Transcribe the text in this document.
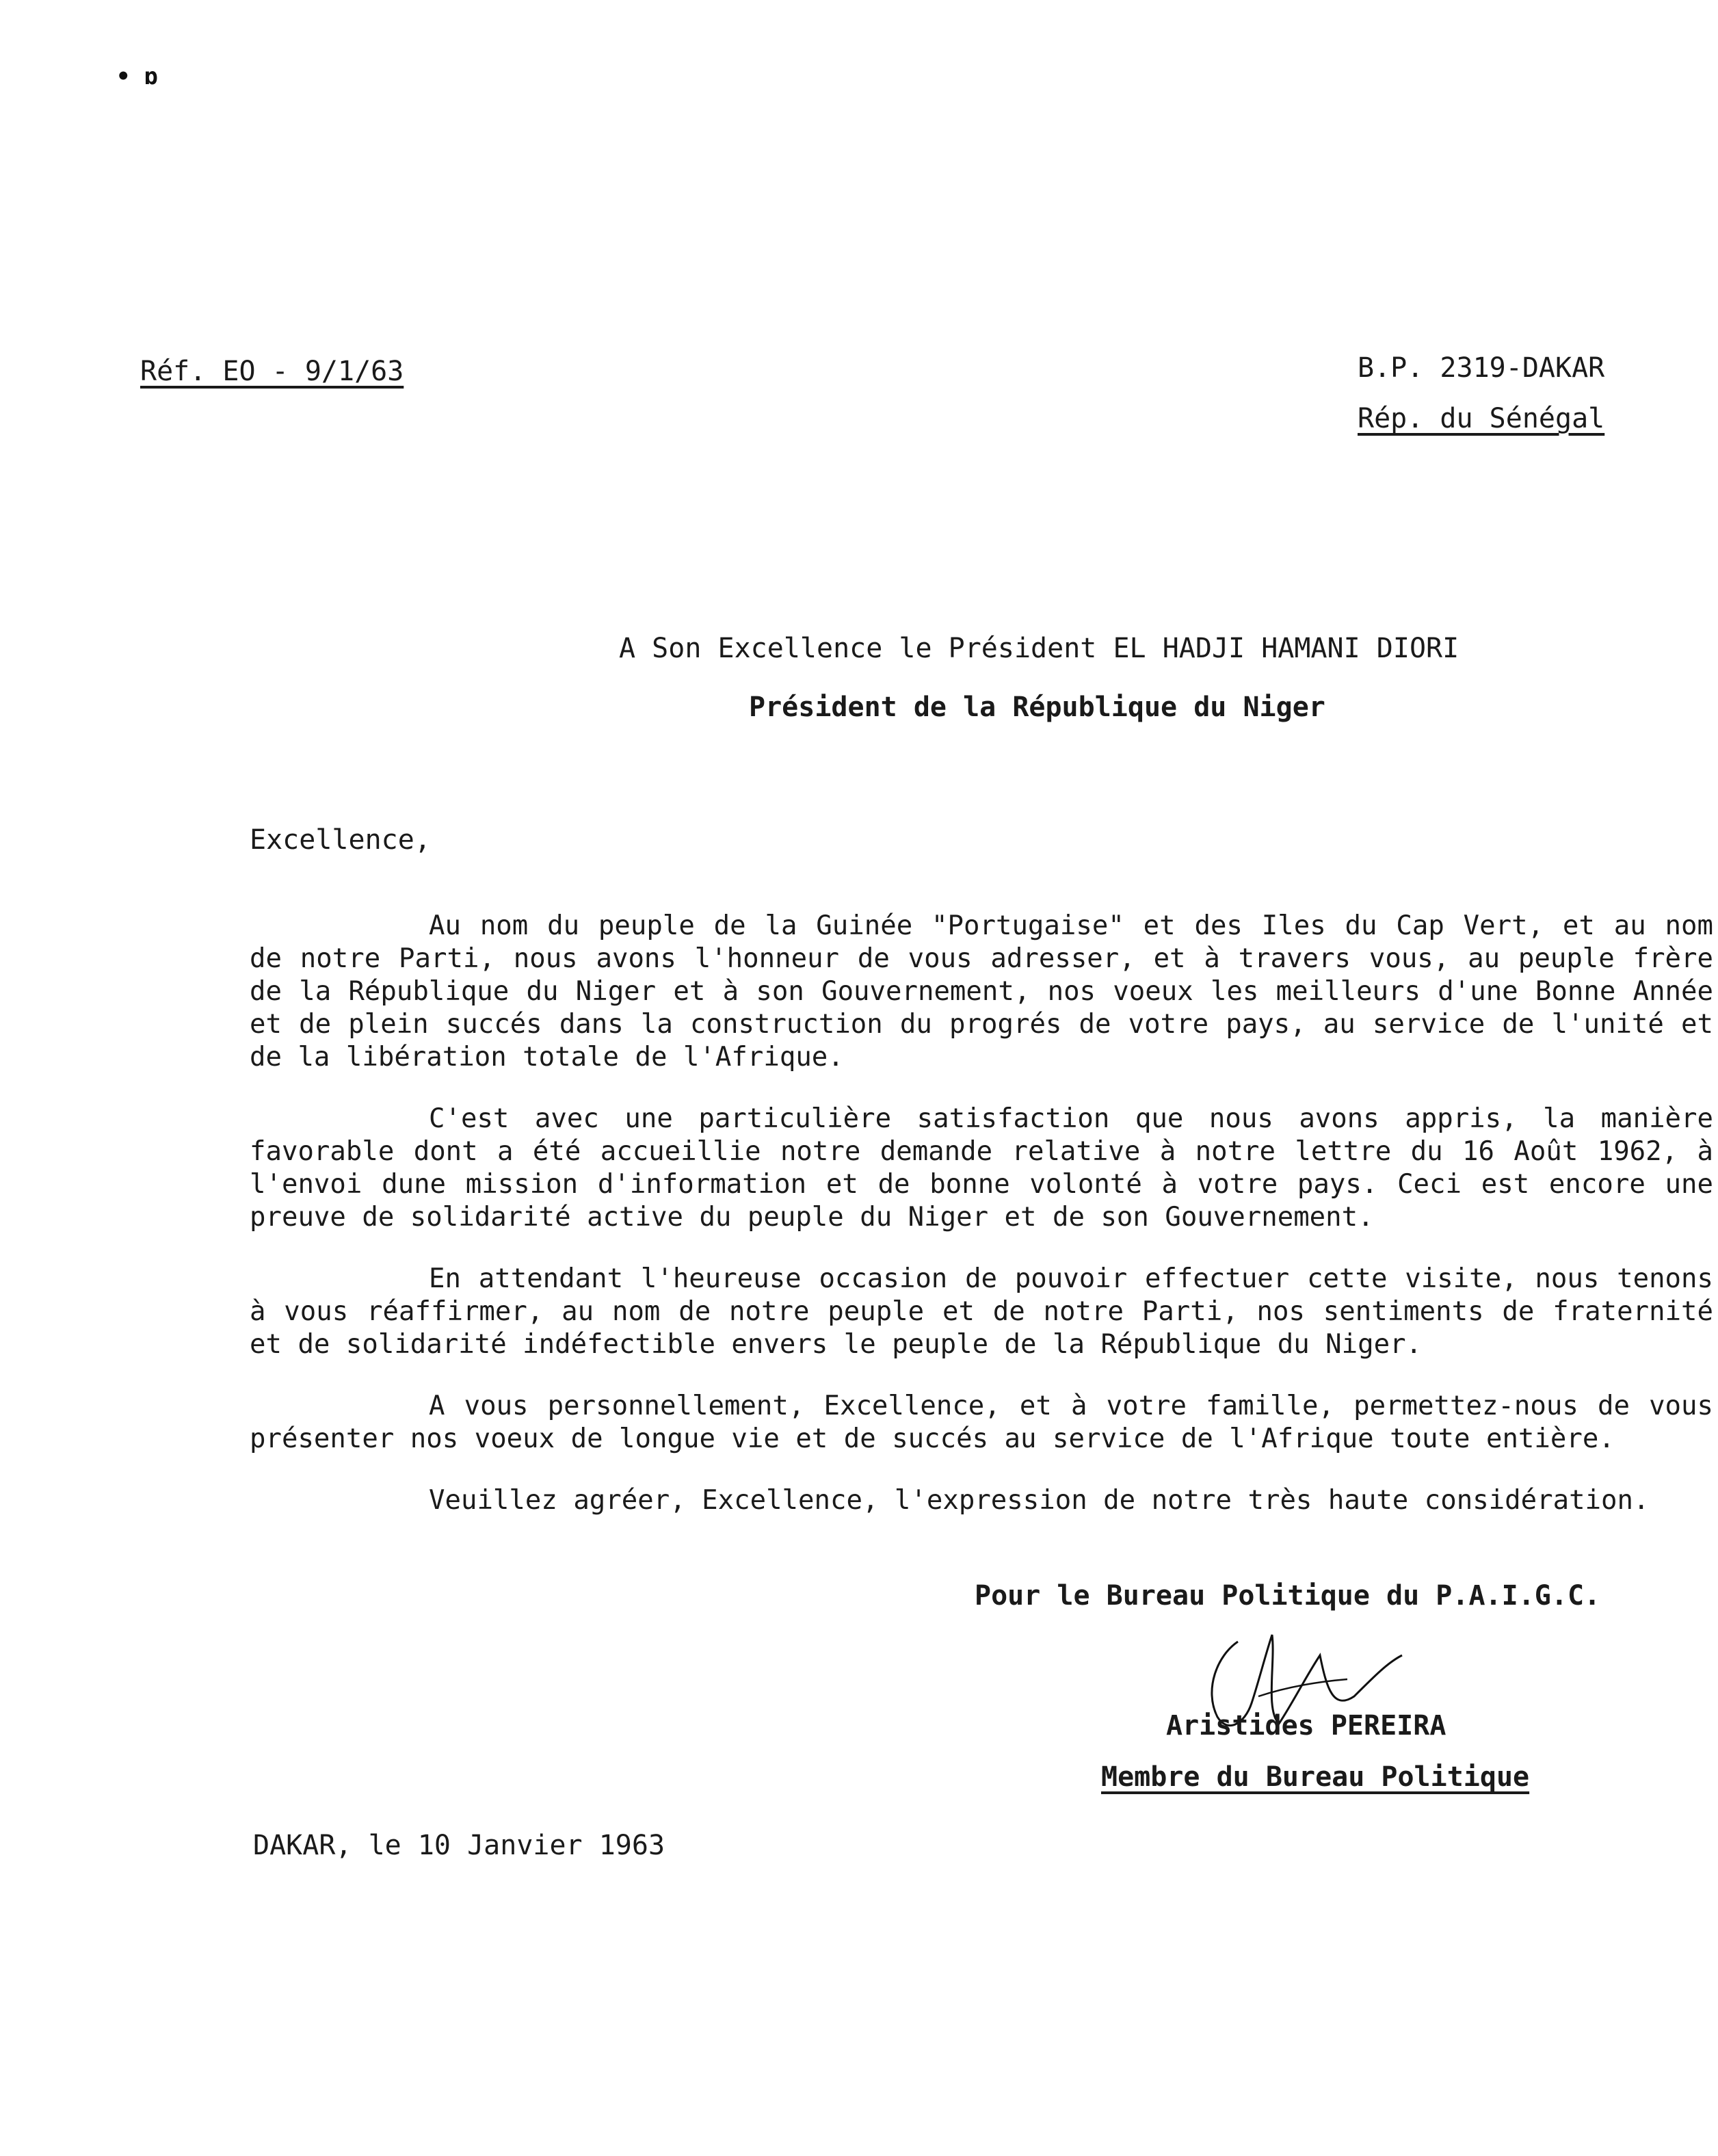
• ɒ
Réf. EO - 9/1/63	B.P. 2319-DAKAR
Rép. du Sénégal
A Son Excellence le Président EL HADJI HAMANI DIORI
Président de la République du Niger
Excellence,

Au nom du peuple de la Guinée "Portugaise" et des Iles du Cap Vert, et au nom de notre Parti, nous avons l'honneur de vous adresser, et à travers vous, au peuple frère de la République du Niger et à son Gouvernement, nos voeux les meilleurs d'une Bonne Année et de plein succés dans la construction du progrés de votre pays, au service de l'unité et de la libération totale de l'Afrique.

C'est avec une particulière satisfaction que nous avons appris, la manière favorable dont a été accueillie notre demande relative à notre lettre du 16 Août 1962, à l'envoi dune mission d'information et de bonne volonté à votre pays. Ceci est encore une preuve de solidarité active du peuple du Niger et de son Gouvernement.

En attendant l'heureuse occasion de pouvoir effectuer cette visite, nous tenons à vous réaffirmer, au nom de notre peuple et de notre Parti, nos sentiments de fraternité et de solidarité indéfectible envers le peuple de la République du Niger.

A vous personnellement, Excellence, et à votre famille, permettez-nous de vous présenter nos voeux de longue vie et de succés au service de l'Afrique toute entière.

Veuillez agréer, Excellence, l'expression de notre très haute considération.

Pour le Bureau Politique du P.A.I.G.C.
Aristides PEREIRA
Membre du Bureau Politique
DAKAR, le 10 Janvier 1963
